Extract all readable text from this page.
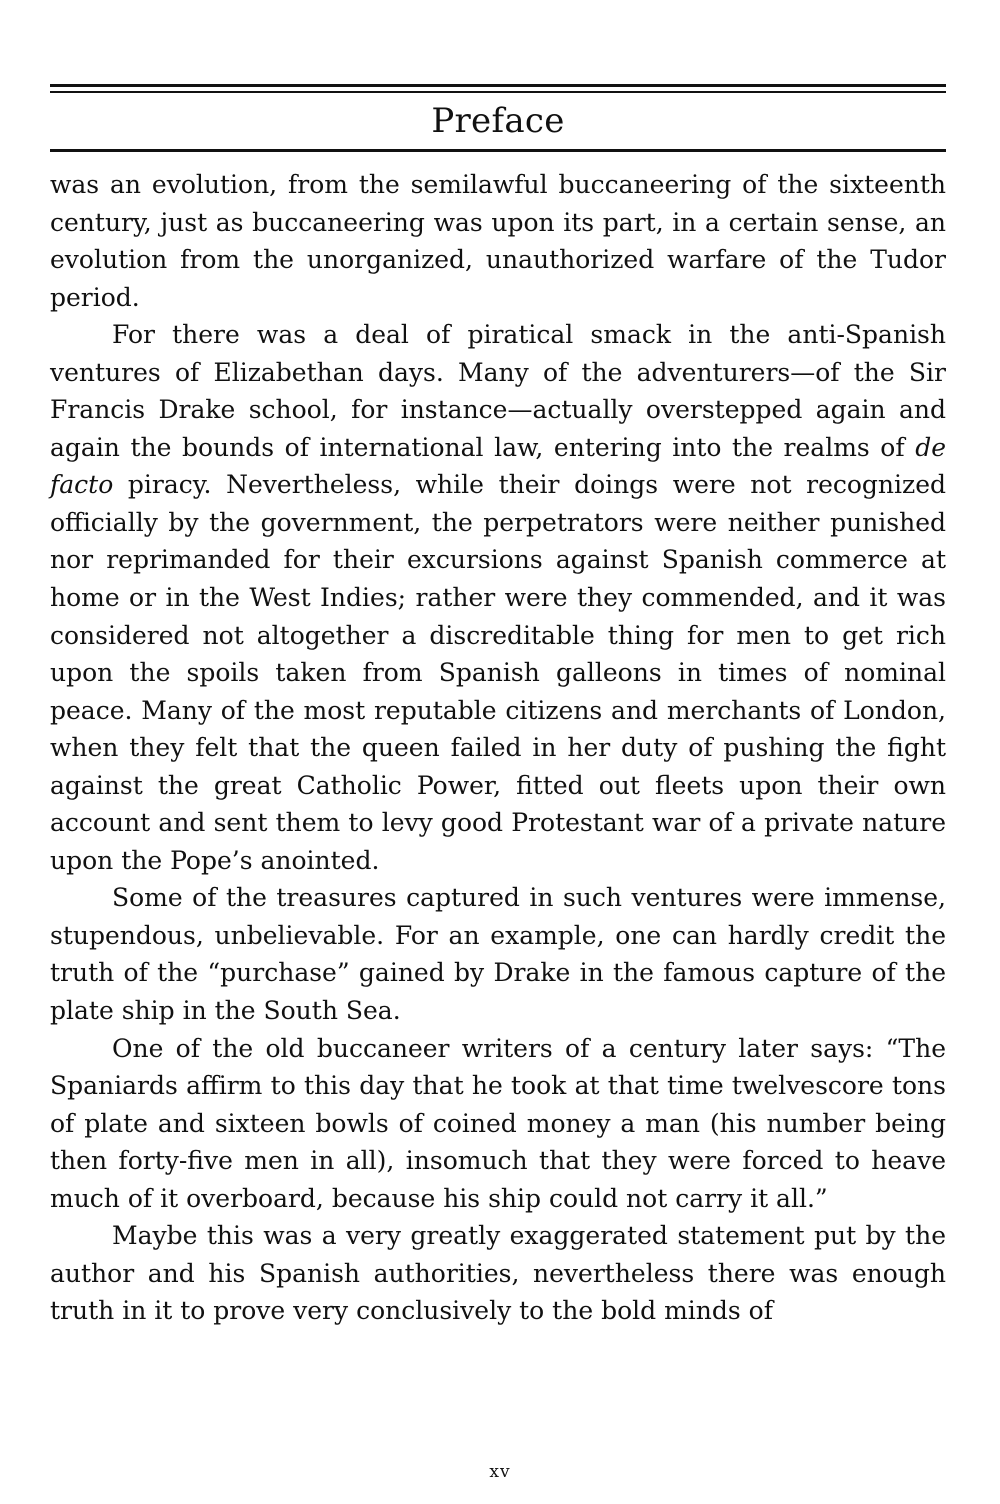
Preface

was an evolution, from the semilawful buccaneering of the sixteenth century, just as buccaneering was upon its part, in a certain sense, an evolution from the unorganized, unauthorized warfare of the Tudor period.

For there was a deal of piratical smack in the anti-Spanish ventures of Elizabethan days. Many of the adventurers—of the Sir Francis Drake school, for instance—actually overstepped again and again the bounds of international law, entering into the realms of de facto piracy. Nevertheless, while their doings were not recognized officially by the government, the perpetrators were neither punished nor reprimanded for their excursions against Spanish commerce at home or in the West Indies; rather were they commended, and it was considered not altogether a discreditable thing for men to get rich upon the spoils taken from Spanish galleons in times of nominal peace. Many of the most reputable citizens and merchants of London, when they felt that the queen failed in her duty of pushing the fight against the great Catholic Power, fitted out fleets upon their own account and sent them to levy good Protestant war of a private nature upon the Pope’s anointed.

Some of the treasures captured in such ventures were immense, stupendous, unbelievable. For an example, one can hardly credit the truth of the “purchase” gained by Drake in the famous capture of the plate ship in the South Sea.

One of the old buccaneer writers of a century later says: “The Spaniards affirm to this day that he took at that time twelvescore tons of plate and sixteen bowls of coined money a man (his number being then forty-five men in all), insomuch that they were forced to heave much of it overboard, because his ship could not carry it all.”

Maybe this was a very greatly exaggerated statement put by the author and his Spanish authorities, nevertheless there was enough truth in it to prove very conclusively to the bold minds of

xv
